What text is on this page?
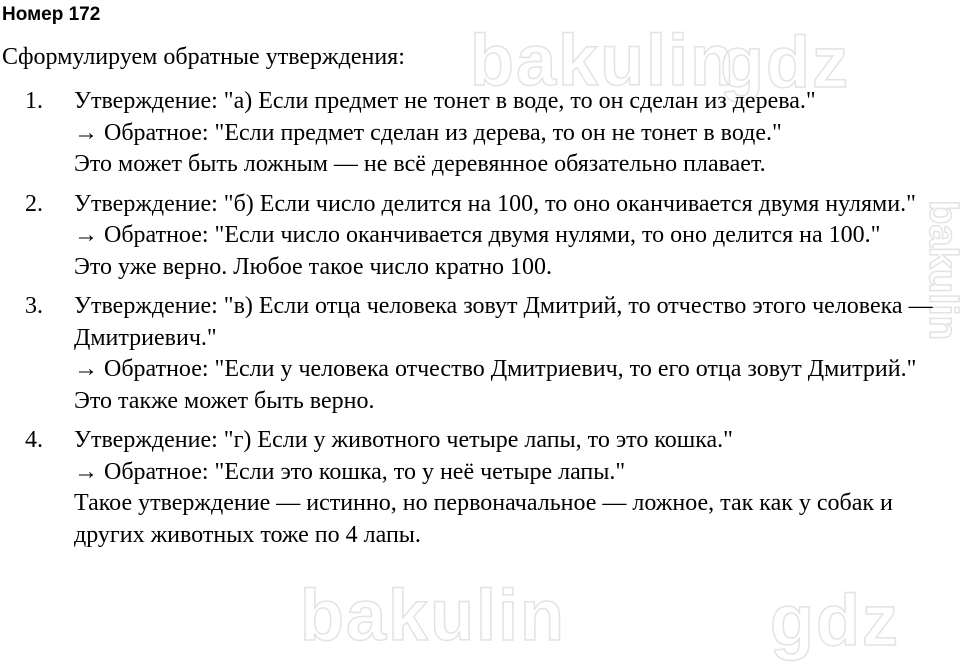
bakulin
gdz
bakulin	gdz
bakulin
Номер 172

Сформулируем обратные утверждения:

1. Утверждение: "а) Если предмет не тонет в воде, то он сделан из дерева."
→ Обратное: "Если предмет сделан из дерева, то он не тонет в воде."
Это может быть ложным — не всё деревянное обязательно плавает.
2. Утверждение: "б) Если число делится на 100, то оно оканчивается двумя нулями."
→ Обратное: "Если число оканчивается двумя нулями, то оно делится на 100."
Это уже верно. Любое такое число кратно 100.
3. Утверждение: "в) Если отца человека зовут Дмитрий, то отчество этого человека — Дмитриевич."
→ Обратное: "Если у человека отчество Дмитриевич, то его отца зовут Дмитрий."
Это также может быть верно.
4. Утверждение: "г) Если у животного четыре лапы, то это кошка."
→ Обратное: "Если это кошка, то у неё четыре лапы."
Такое утверждение — истинно, но первоначальное — ложное, так как у собак и других животных тоже по 4 лапы.
